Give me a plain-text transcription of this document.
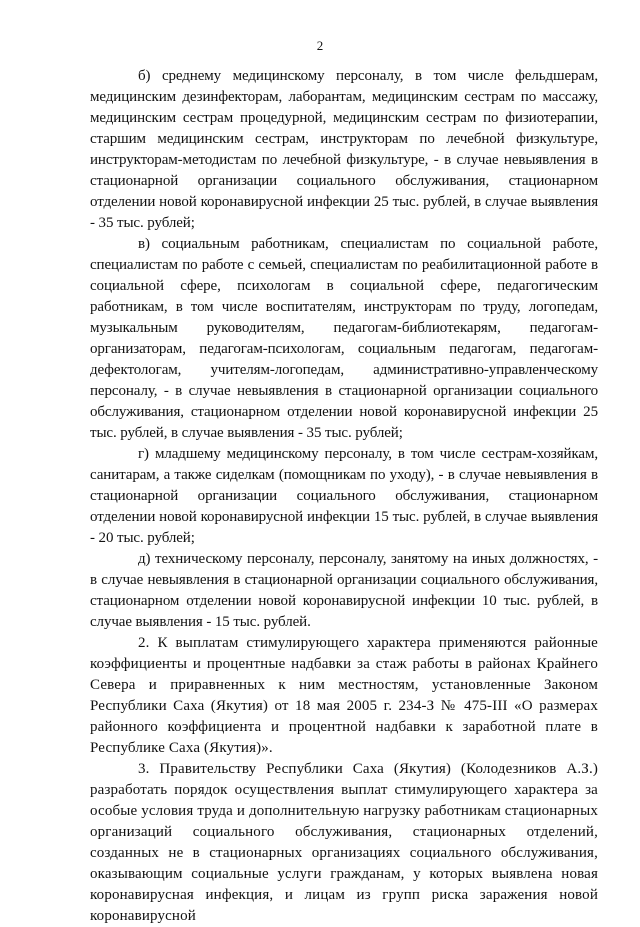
2

б) среднему медицинскому персоналу, в том числе фельдшерам, медицинским дезинфекторам, лаборантам, медицинским сестрам по массажу, медицинским сестрам процедурной, медицинским сестрам по физиотерапии, старшим медицинским сестрам, инструкторам по лечебной физкультуре, инструкторам-методистам по лечебной физкультуре, - в случае невыявления в стационарной организации социального обслуживания, стационарном отделении новой коронавирусной инфекции 25 тыс. рублей, в случае выявления - 35 тыс. рублей;

в) социальным работникам, специалистам по социальной работе, специалистам по работе с семьей, специалистам по реабилитационной работе в социальной сфере, психологам в социальной сфере, педагогическим работникам, в том числе воспитателям, инструкторам по труду, логопедам, музыкальным руководителям, педагогам-библиотекарям, педагогам-организаторам, педагогам-психологам, социальным педагогам, педагогам-дефектологам, учителям-логопедам, административно-управленческому персоналу, - в случае невыявления в стационарной организации социального обслуживания, стационарном отделении новой коронавирусной инфекции 25 тыс. рублей, в случае выявления - 35 тыс. рублей;

г) младшему медицинскому персоналу, в том числе сестрам-хозяйкам, санитарам, а также сиделкам (помощникам по уходу), - в случае невыявления в стационарной организации социального обслуживания, стационарном отделении новой коронавирусной инфекции 15 тыс. рублей, в случае выявления - 20 тыс. рублей;

д) техническому персоналу, персоналу, занятому на иных должностях, - в случае невыявления в стационарной организации социального обслуживания, стационарном отделении новой коронавирусной инфекции 10 тыс. рублей, в случае выявления - 15 тыс. рублей.

2. К выплатам стимулирующего характера применяются районные коэффициенты и процентные надбавки за стаж работы в районах Крайнего Севера и приравненных к ним местностям, установленные Законом Республики Саха (Якутия) от 18 мая 2005 г. 234-З № 475-III «О размерах районного коэффициента и процентной надбавки к заработной плате в Республике Саха (Якутия)».

3. Правительству Республики Саха (Якутия) (Колодезников А.З.) разработать порядок осуществления выплат стимулирующего характера за особые условия труда и дополнительную нагрузку работникам стационарных организаций социального обслуживания, стационарных отделений, созданных не в стационарных организациях социального обслуживания, оказывающим социальные услуги гражданам, у которых выявлена новая коронавирусная инфекция, и лицам из групп риска заражения новой коронавирусной
